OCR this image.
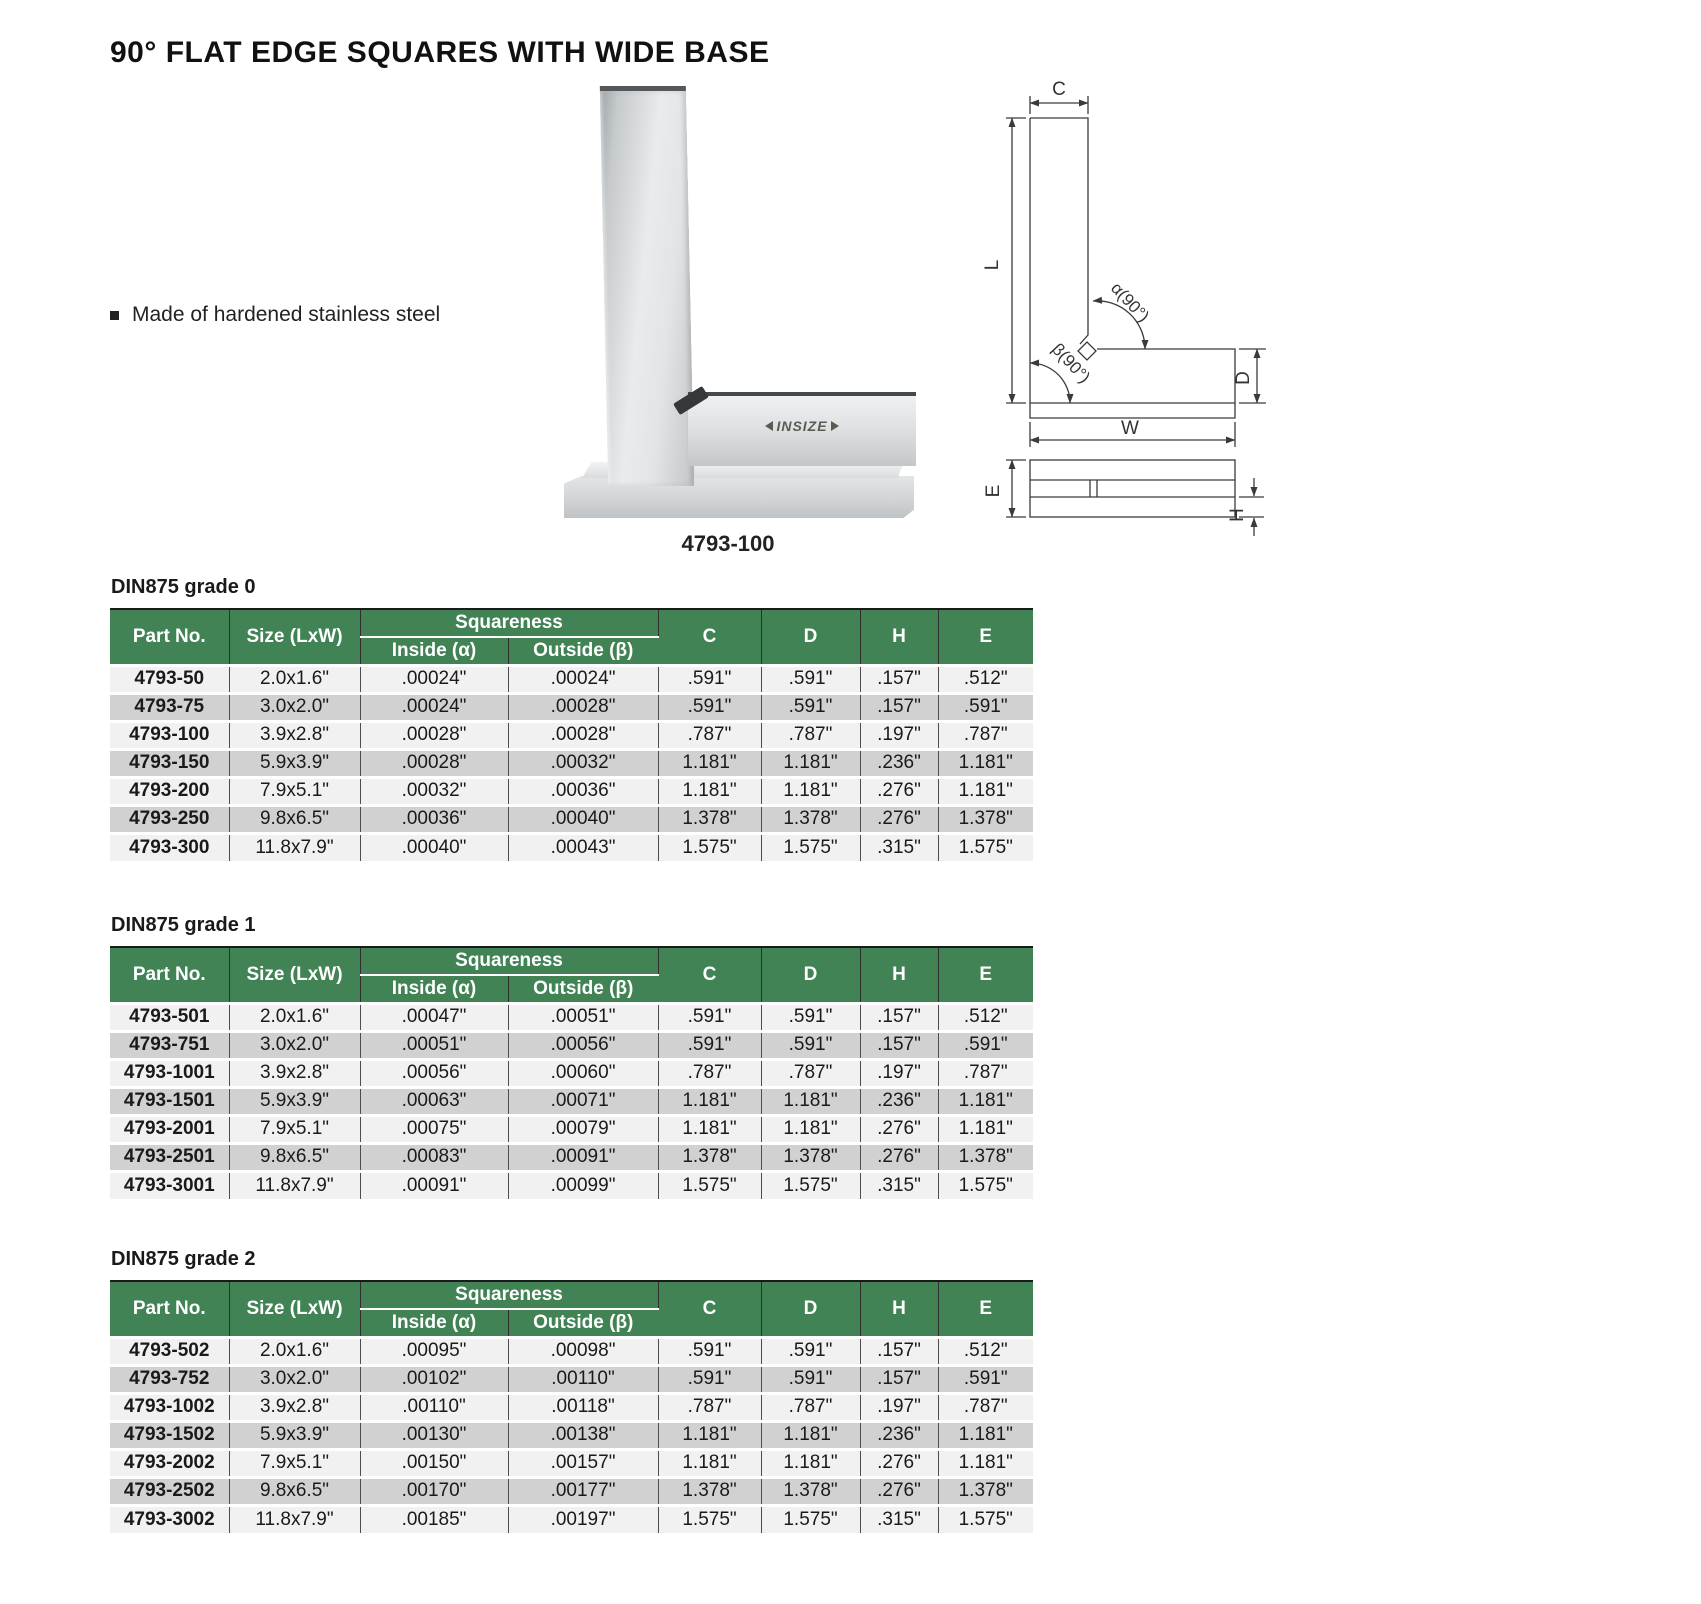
90° FLAT EDGE SQUARES WITH WIDE BASE
Made of hardened stainless steel
INSIZE
4793-100
C
L
α(90°)
β(90°)	D
W
E
H
DIN875 grade 0
Part No.	Size (LxW)	Squareness		C	D	H	E
		Inside (α)	Outside (β)				
4793-50	2.0x1.6"	.00024"	.00024"	.591"	.591"	.157"	.512"
4793-75	3.0x2.0"	.00024"	.00028"	.591"	.591"	.157"	.591"
4793-100	3.9x2.8"	.00028"	.00028"	.787"	.787"	.197"	.787"
4793-150	5.9x3.9"	.00028"	.00032"	1.181"	1.181"	.236"	1.181"
4793-200	7.9x5.1"	.00032"	.00036"	1.181"	1.181"	.276"	1.181"
4793-250	9.8x6.5"	.00036"	.00040"	1.378"	1.378"	.276"	1.378"
4793-300	11.8x7.9"	.00040"	.00043"	1.575"	1.575"	.315"	1.575"
DIN875 grade 1
Part No.	Size (LxW)	Squareness		C	D	H	E
		Inside (α)	Outside (β)				
4793-501	2.0x1.6"	.00047"	.00051"	.591"	.591"	.157"	.512"
4793-751	3.0x2.0"	.00051"	.00056"	.591"	.591"	.157"	.591"
4793-1001	3.9x2.8"	.00056"	.00060"	.787"	.787"	.197"	.787"
4793-1501	5.9x3.9"	.00063"	.00071"	1.181"	1.181"	.236"	1.181"
4793-2001	7.9x5.1"	.00075"	.00079"	1.181"	1.181"	.276"	1.181"
4793-2501	9.8x6.5"	.00083"	.00091"	1.378"	1.378"	.276"	1.378"
4793-3001	11.8x7.9"	.00091"	.00099"	1.575"	1.575"	.315"	1.575"
DIN875 grade 2
Part No.	Size (LxW)	Squareness		C	D	H	E
		Inside (α)	Outside (β)				
4793-502	2.0x1.6"	.00095"	.00098"	.591"	.591"	.157"	.512"
4793-752	3.0x2.0"	.00102"	.00110"	.591"	.591"	.157"	.591"
4793-1002	3.9x2.8"	.00110"	.00118"	.787"	.787"	.197"	.787"
4793-1502	5.9x3.9"	.00130"	.00138"	1.181"	1.181"	.236"	1.181"
4793-2002	7.9x5.1"	.00150"	.00157"	1.181"	1.181"	.276"	1.181"
4793-2502	9.8x6.5"	.00170"	.00177"	1.378"	1.378"	.276"	1.378"
4793-3002	11.8x7.9"	.00185"	.00197"	1.575"	1.575"	.315"	1.575"
